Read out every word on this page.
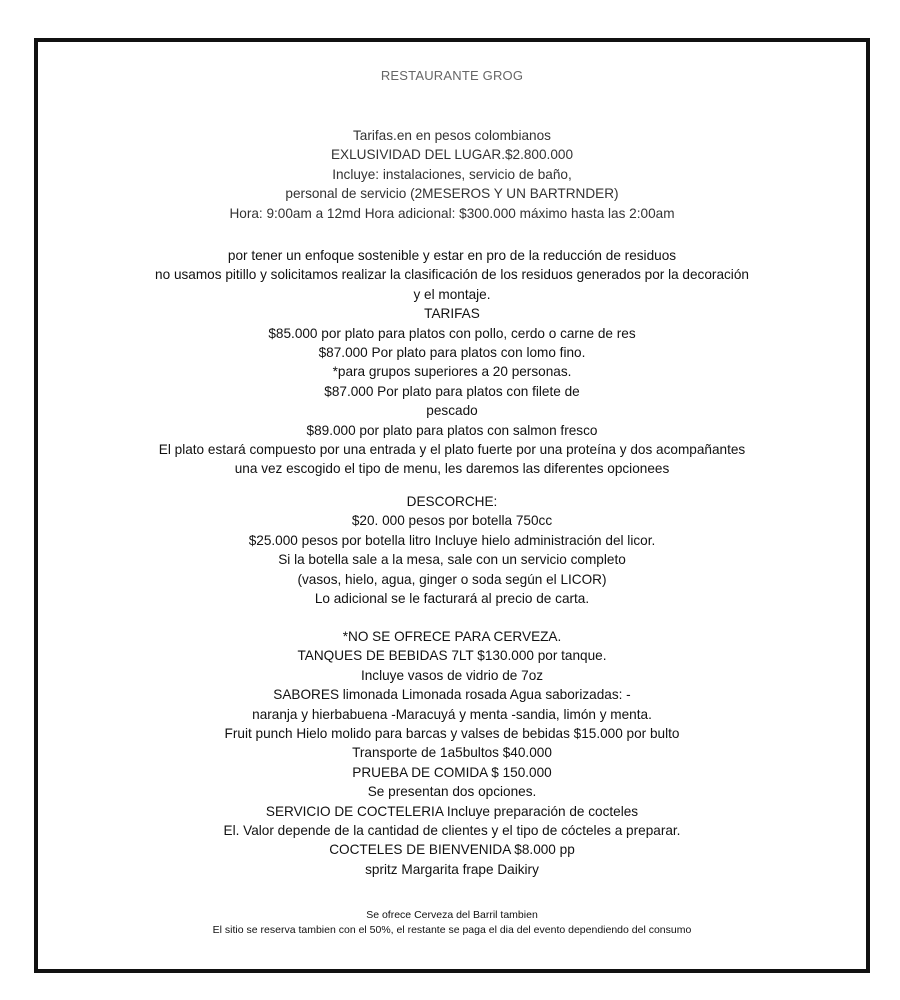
RESTAURANTE GROG
Tarifas.en en pesos colombianos
EXLUSIVIDAD DEL LUGAR.$2.800.000
Incluye: instalaciones, servicio de baño,
personal de servicio (2MESEROS Y UN BARTRNDER)
Hora: 9:00am a 12md Hora adicional: $300.000 máximo hasta las 2:00am
por tener un enfoque sostenible y estar en pro de la reducción de residuos
no usamos pitillo y solicitamos realizar la clasificación de los residuos generados por la decoración
y el montaje.
TARIFAS
$85.000 por plato para platos con pollo, cerdo o carne de res
$87.000 Por plato para platos con lomo fino.
*para grupos superiores a 20 personas.
$87.000 Por plato para platos con filete de
pescado
$89.000 por plato para platos con salmon fresco
El plato estará compuesto por una entrada y el plato fuerte por una proteína y dos acompañantes
una vez escogido el tipo de menu, les daremos las diferentes opcionees
DESCORCHE:
$20. 000 pesos por botella 750cc
$25.000 pesos por botella litro Incluye hielo administración del licor.
Si la botella sale a la mesa, sale con un servicio completo
(vasos, hielo, agua, ginger o soda según el LICOR)
Lo adicional se le facturará al precio de carta.
*NO SE OFRECE PARA CERVEZA.
TANQUES DE BEBIDAS 7LT $130.000 por tanque.
Incluye vasos de vidrio de 7oz
SABORES limonada Limonada rosada Agua saborizadas: -
naranja y hierbabuena -Maracuyá y menta -sandia, limón y menta.
Fruit punch Hielo molido para barcas y valses de bebidas $15.000 por bulto
Transporte de 1a5bultos $40.000
PRUEBA DE COMIDA $ 150.000
Se presentan dos opciones.
SERVICIO DE COCTELERIA Incluye preparación de cocteles
El. Valor depende de la cantidad de clientes y el tipo de cócteles a preparar.
COCTELES DE BIENVENIDA $8.000 pp
spritz Margarita frape Daikiry
Se ofrece Cerveza del Barril tambien
El sitio se reserva tambien con el 50%, el restante se paga el dia del evento dependiendo del consumo
